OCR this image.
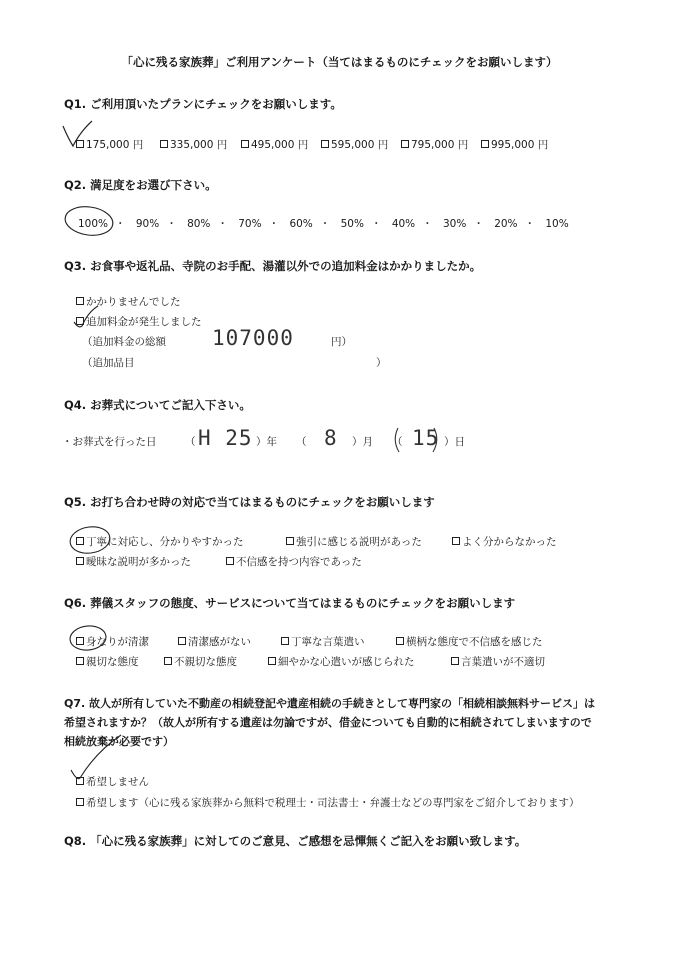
「心に残る家族葬」ご利用アンケート（当てはまるものにチェックをお願いします）
Q1. ご利用頂いたプランにチェックをお願いします。
175,000 円	335,000 円	495,000 円	595,000 円	795,000 円	995,000 円
Q2. 満足度をお選び下さい。
100% ・ 90% ・ 80% ・ 70% ・ 60% ・ 50% ・ 40% ・ 30% ・ 20% ・ 10%
Q3. お食事や返礼品、寺院のお手配、湯灌以外での追加料金はかかりましたか。
かかりませんでした
追加料金が発生しました
（追加料金の総額 107000	円）
（追加品目	）
Q4. お葬式についてご記入下さい。
・お葬式を行った日	（ H 25 ）年 （ 8 ）月 （ 15 ）日
Q5. お打ち合わせ時の対応で当てはまるものにチェックをお願いします
丁寧に対応し、分かりやすかった	強引に感じる説明があった	よく分からなかった
曖昧な説明が多かった	不信感を持つ内容であった
Q6. 葬儀スタッフの態度、サービスについて当てはまるものにチェックをお願いします
身なりが清潔	清潔感がない	丁寧な言葉遣い	横柄な態度で不信感を感じた
親切な態度	不親切な態度	細やかな心遣いが感じられた	言葉遣いが不適切
Q7. 故人が所有していた不動産の相続登記や遺産相続の手続きとして専門家の「相続相談無料サービス」は
希望されますか？（故人が所有する遺産は勿論ですが、借金についても自動的に相続されてしまいますので
相続放棄が必要です）
希望しません
希望します（心に残る家族葬から無料で税理士・司法書士・弁護士などの専門家をご紹介しております）
Q8. 「心に残る家族葬」に対してのご意見、ご感想を忌憚無くご記入をお願い致します。
